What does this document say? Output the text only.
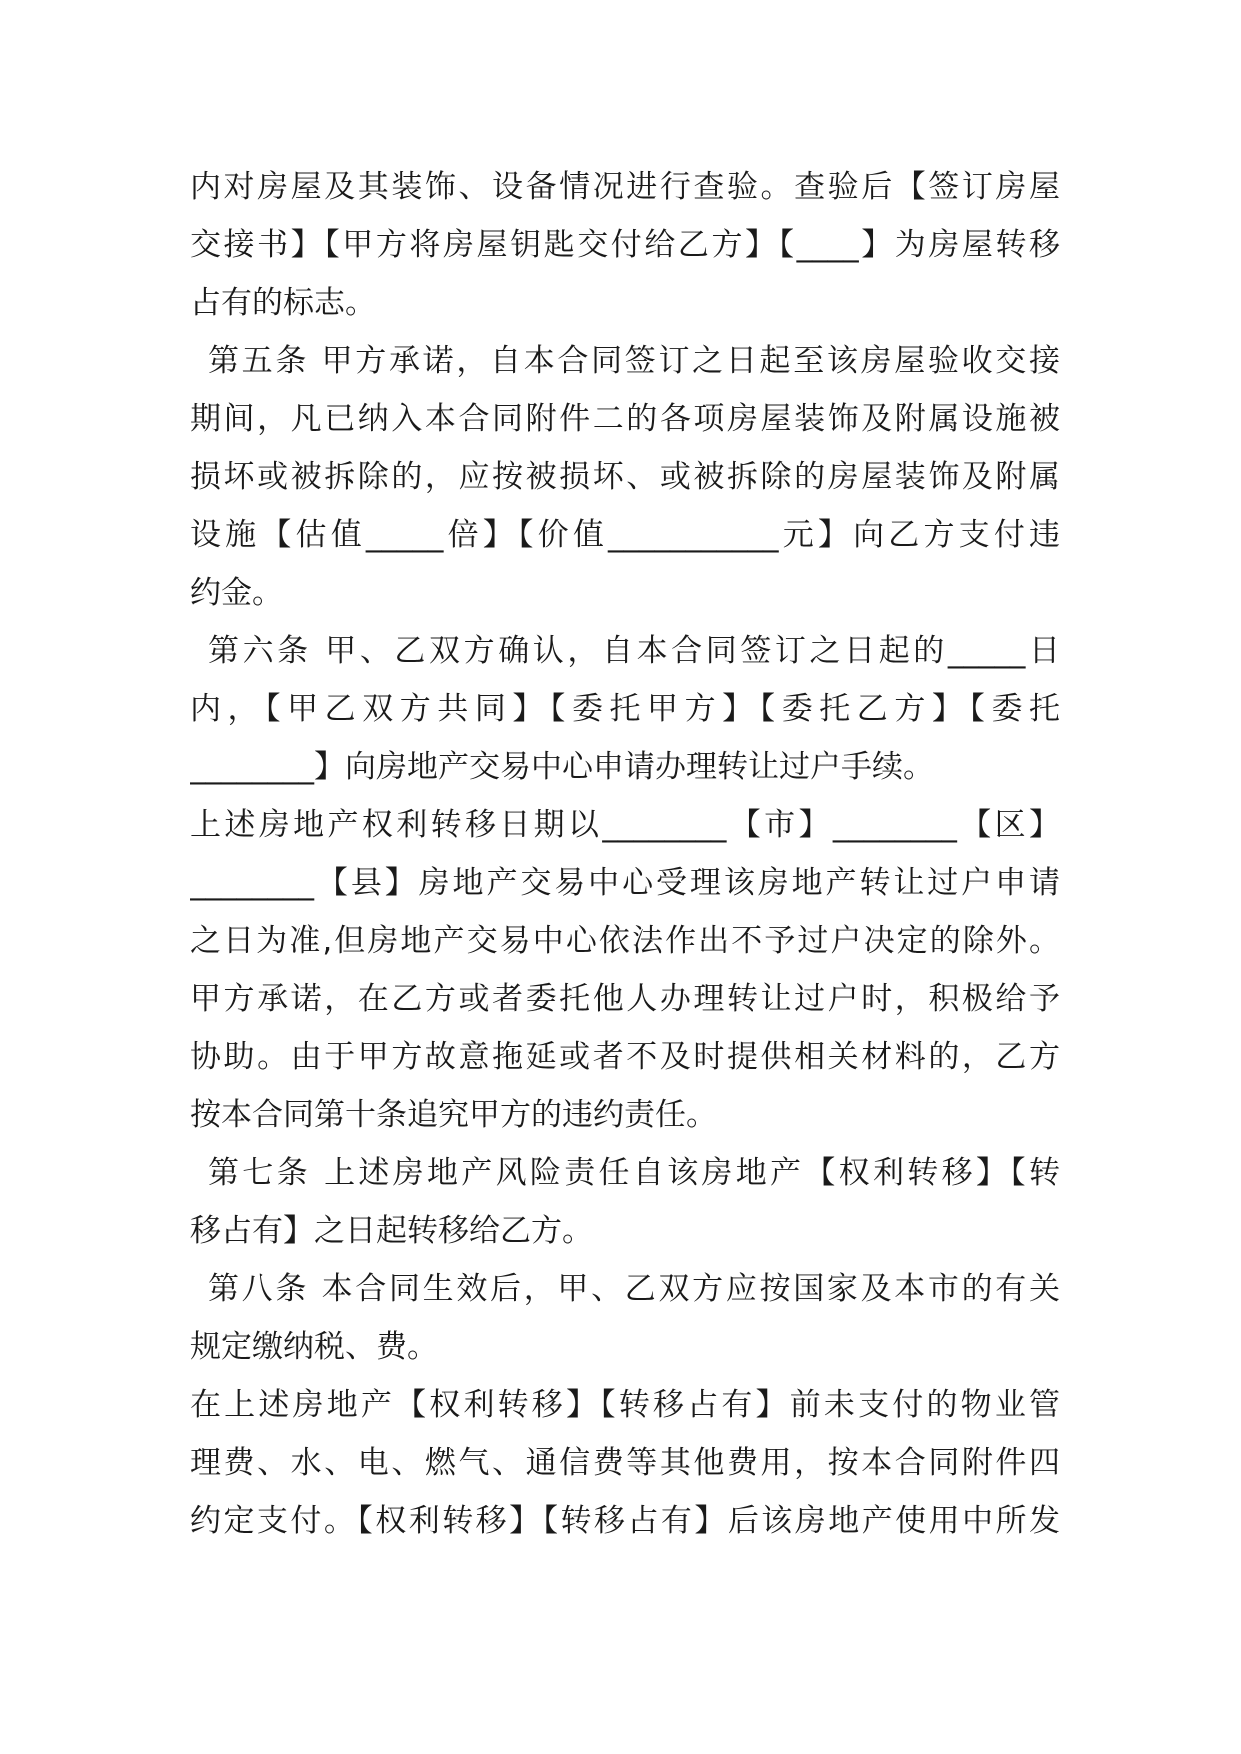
内对房屋及其装饰、设备情况进行查验。查验后【签订房屋
交接书】【甲方将房屋钥匙交付给乙方】【____】为房屋转移
占有的标志。
第五条 甲方承诺，自本合同签订之日起至该房屋验收交接
期间，凡已纳入本合同附件二的各项房屋装饰及附属设施被
损坏或被拆除的，应按被损坏、或被拆除的房屋装饰及附属
设施【估值_____倍】【价值___________元】向乙方支付违
约金。
第六条 甲、乙双方确认，自本合同签订之日起的_____日
内，【甲乙双方共同】【委托甲方】【委托乙方】【委托
________】向房地产交易中心申请办理转让过户手续。
上述房地产权利转移日期以________【市】________【区】
________【县】房地产交易中心受理该房地产转让过户申请
之日为准,但房地产交易中心依法作出不予过户决定的除外。
甲方承诺，在乙方或者委托他人办理转让过户时，积极给予
协助。由于甲方故意拖延或者不及时提供相关材料的，乙方
按本合同第十条追究甲方的违约责任。
第七条 上述房地产风险责任自该房地产【权利转移】【转
移占有】之日起转移给乙方。
第八条 本合同生效后，甲、乙双方应按国家及本市的有关
规定缴纳税、费。
在上述房地产【权利转移】【转移占有】前未支付的物业管
理费、水、电、燃气、通信费等其他费用，按本合同附件四
约定支付。【权利转移】【转移占有】后该房地产使用中所发
